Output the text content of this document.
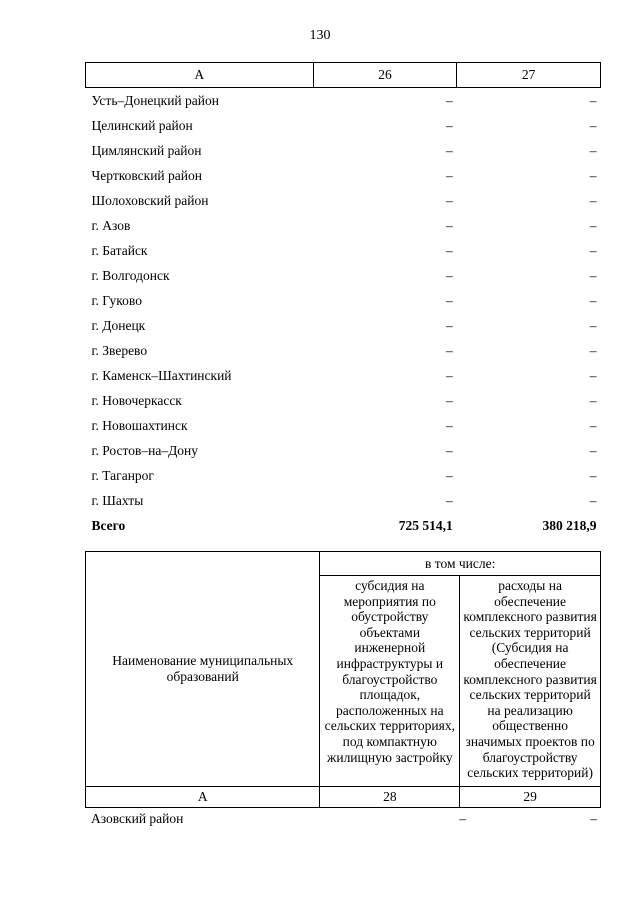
130
А	26	27
Усть–Донецкий район	–	–
Целинский район	–	–
Цимлянский район	–	–
Чертковский район	–	–
Шолоховский район	–	–
г. Азов	–	–
г. Батайск	–	–
г. Волгодонск	–	–
г. Гуково	–	–
г. Донецк	–	–
г. Зверево	–	–
г. Каменск–Шахтинский	–	–
г. Новочеркасск	–	–
г. Новошахтинск	–	–
г. Ростов–на–Дону	–	–
г. Таганрог	–	–
г. Шахты	–	–
Всего	725 514,1	380 218,9
Наименование муниципальных образований	в том числе:	
	субсидия на мероприятия по обустройству объектами инженерной инфраструктуры и благоустройство площадок, расположенных на сельских территориях, под компактную жилищную застройку	расходы на обеспечение комплексного развития сельских территорий (Субсидия на обеспечение комплексного развития сельских территорий на реализацию общественно значимых проектов по благоустройству сельских территорий)
А	28	29
Азовский район	–	–
